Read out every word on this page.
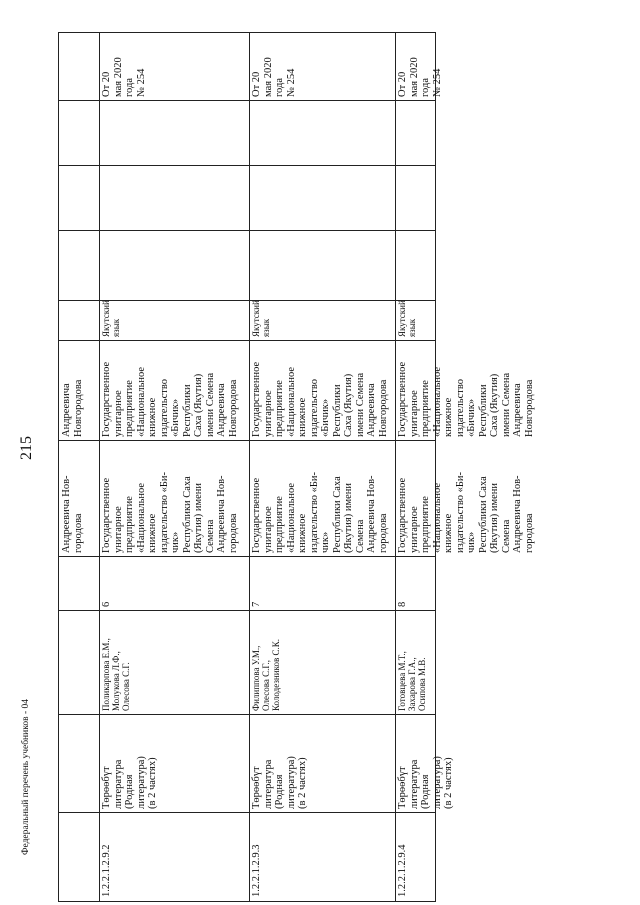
215
Федеральный перечень учебников - 04
Андреевича Нов-
городова
Андреевича
Новгородова
1.2.2.1.2.9.2
Төрөөбүт
литература
(Родная
литература)
(в 2 частях)
Поликарпова Е.М.,
Молукова Л.Ф.,
Олесова С.Г.
6
Государственное
унитарное
предприятие
«Национальное
книжное
издательство «Би-
чик»
Республики Саха
(Якутия) имени
Семена
Андреевича Нов-
городова
Государственное
унитарное
предприятие
«Национальное
книжное
издательство
«Бичик»
Республики
Саха (Якутия)
имени Семена
Андреевича
Новгородова
Якутский
язык
От 20
мая 2020
года
№ 254
1.2.2.1.2.9.3
Төрөөбүт
литература
(Родная
литература)
(в 2 частях)
Филиппова У.М.,
Олесова С.Г.,
Колодезников С.К.
7
Государственное
унитарное
предприятие
«Национальное
книжное
издательство «Би-
чик»
Республики Саха
(Якутия) имени
Семена
Андреевича Нов-
городова
Государственное
унитарное
предприятие
«Национальное
книжное
издательство
«Бичик»
Республики
Саха (Якутия)
имени Семена
Андреевича
Новгородова
Якутский
язык
От 20
мая 2020
года
№ 254
1.2.2.1.2.9.4
Төрөөбүт
литература
(Родная
литература)
(в 2 частях)
Готовцева М.Т.,
Захарова Г.А.,
Осипова М.В.
8
Государственное
унитарное
предприятие
«Национальное
книжное
издательство «Би-
чик»
Республики Саха
(Якутия) имени
Семена
Андреевича Нов-
городова
Государственное
унитарное
предприятие
«Национальное
книжное
издательство
«Бичик»
Республики
Саха (Якутия)
имени Семена
Андреевича
Новгородова
Якутский
язык
От 20
мая 2020
года
№ 254
